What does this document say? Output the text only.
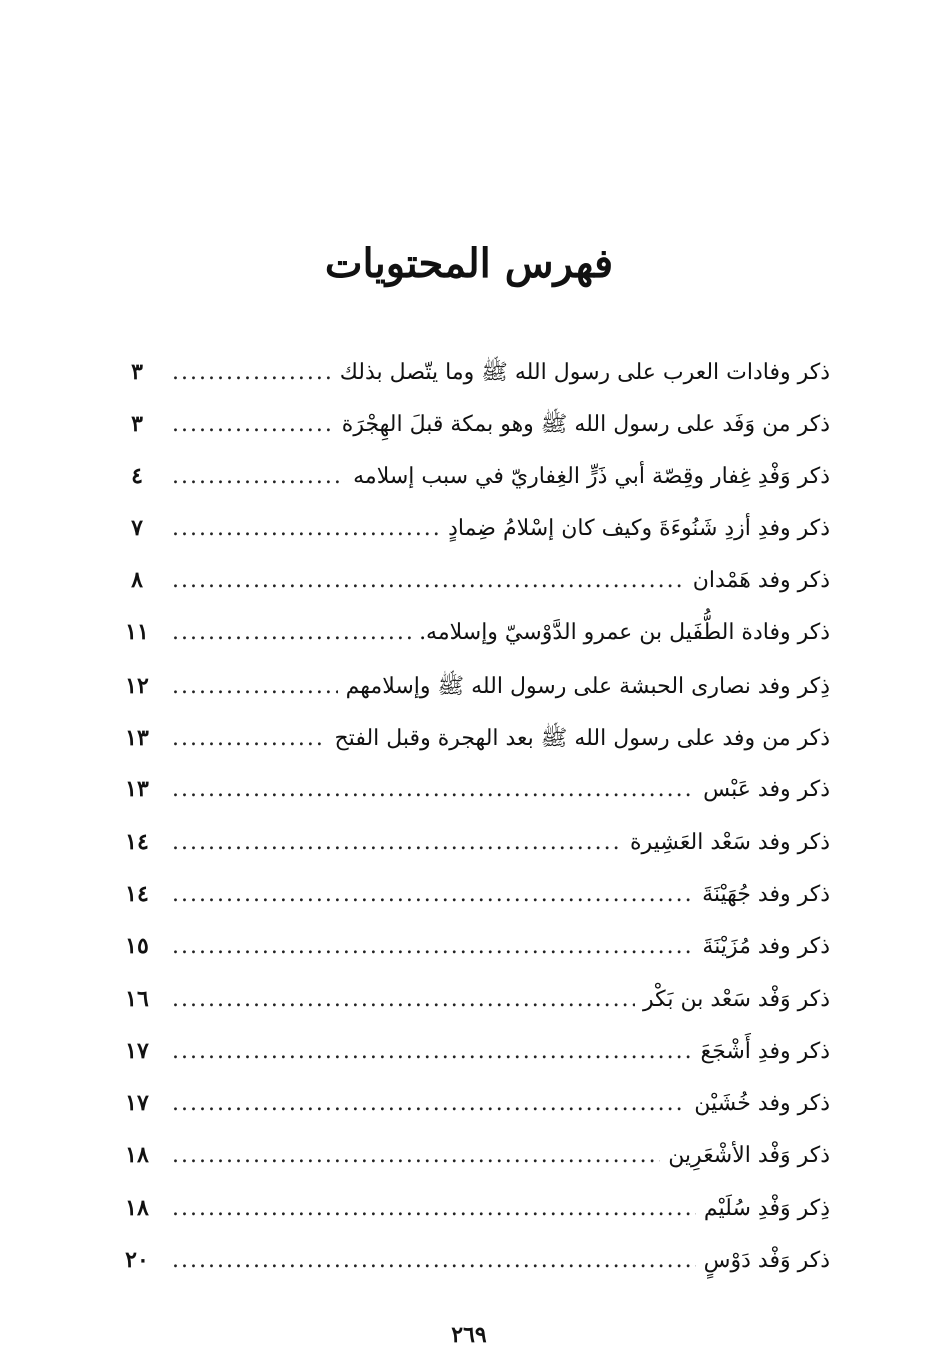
فهرس المحتويات
ذكر وفادات العرب على رسول الله ﷺ وما يتّصل بذلك
.....
٣
ذكر من وَفَد على رسول الله ﷺ وهو بمكة قبلَ الهِجْرَة
.....
٣
ذكر وَفْدِ غِفار وقِصّة أبي ذَرٍّ الغِفاريّ في سبب إسلامه
.....
٤
ذكر وفدِ أزدِ شَنُوءَةَ وكيف كان إسْلامُ ضِمادٍ
.....
٧
ذكر وفد هَمْدان
.....
٨
ذكر وفادة الطُّفَيل بن عمرو الدَّوْسيّ وإسلامه.
.....
١١
ذِكر وفد نصارى الحبشة على رسول الله ﷺ وإسلامهم
.....
١٢
ذكر من وفد على رسول الله ﷺ بعد الهجرة وقبل الفتح
.....
١٣
ذكر وفد عَبْس
.....
١٣
ذكر وفد سَعْد العَشِيرة
.....
١٤
ذكر وفد جُهَيْنَةَ
.....
١٤
ذكر وفد مُزَيْنَةَ
.....
١٥
ذكر وَفْد سَعْد بن بَكْر
.....
١٦
ذكر وفدِ أَشْجَعَ
.....
١٧
ذكر وفد خُشَيْن
.....
١٧
ذكر وَفْد الأشْعَرِين
.....
١٨
ذِكر وَفْدِ سُلَيْم
.....
١٨
ذكر وَفْد دَوْسٍ
.....
٢٠
٢٦٩
